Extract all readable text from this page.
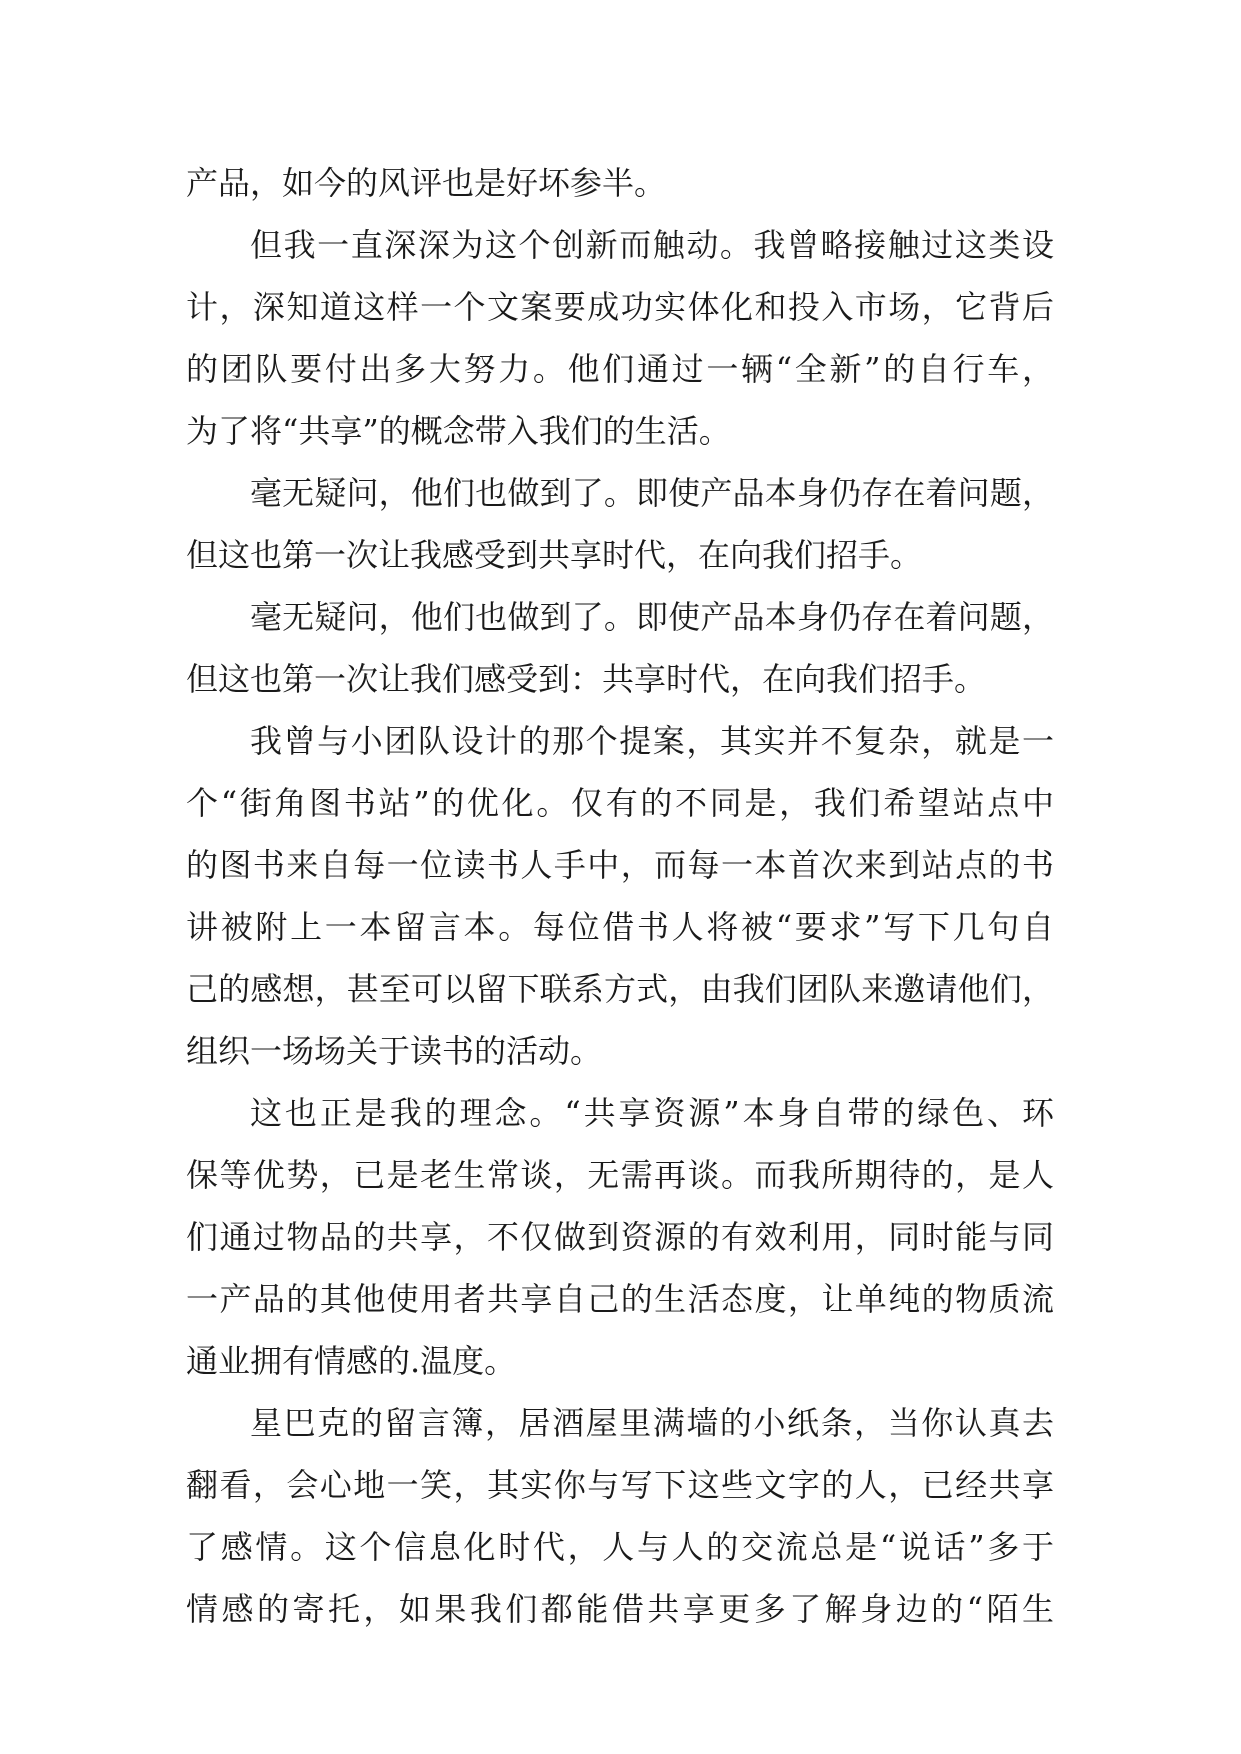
产品，如今的风评也是好坏参半。
但我一直深深为这个创新而触动。我曾略接触过这类设
计，深知道这样一个文案要成功实体化和投入市场，它背后
的团队要付出多大努力。他们通过一辆“全新”的自行车，
为了将“共享”的概念带入我们的生活。
毫无疑问，他们也做到了。即使产品本身仍存在着问题，
但这也第一次让我感受到共享时代，在向我们招手。
毫无疑问，他们也做到了。即使产品本身仍存在着问题，
但这也第一次让我们感受到：共享时代，在向我们招手。
我曾与小团队设计的那个提案，其实并不复杂，就是一
个“街角图书站”的优化。仅有的不同是，我们希望站点中
的图书来自每一位读书人手中，而每一本首次来到站点的书
讲被附上一本留言本。每位借书人将被“要求”写下几句自
己的感想，甚至可以留下联系方式，由我们团队来邀请他们，
组织一场场关于读书的活动。
这也正是我的理念。“共享资源”本身自带的绿色、环
保等优势，已是老生常谈，无需再谈。而我所期待的，是人
们通过物品的共享，不仅做到资源的有效利用，同时能与同
一产品的其他使用者共享自己的生活态度，让单纯的物质流
通业拥有情感的.温度。
星巴克的留言簿，居酒屋里满墙的小纸条，当你认真去
翻看，会心地一笑，其实你与写下这些文字的人，已经共享
了感情。这个信息化时代，人与人的交流总是“说话”多于
情感的寄托，如果我们都能借共享更多了解身边的“陌生
